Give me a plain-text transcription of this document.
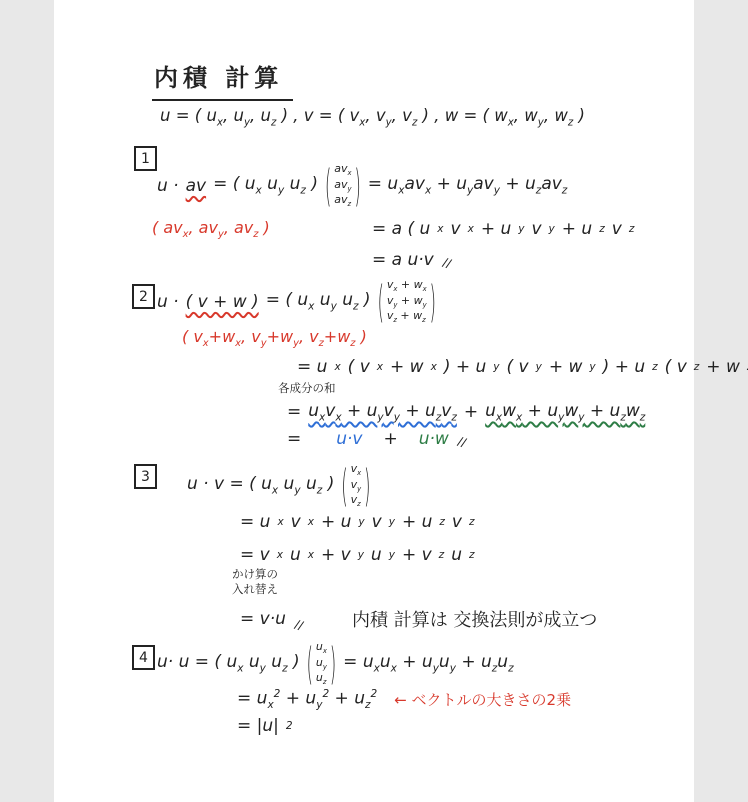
内積 計算
u = ( $u_x$, $u_y$, $u_z$ ) , v = ( $v_x$, $v_y$, $v_z$ ) , w = ( $w_x$, $w_y$, $w_z$ )
1
u · av = ( $u_x$ $u_y$ $u_z$ ) ( $av_x$
$av_y$
$av_z$ ) = $u_xav_x + u_yav_y + u_zav_z$
( $av_x$, $av_y$, $av_z$ )	= a ( u x v x + u y v y + u z v z
= a u·v //
2 u · ( v + w ) = ( $u_x$ $u_y$ $u_z$ ) ( $v_x + w_x$
$v_y + w_y$
$v_z + w_z$ )
( $v_x+w_x$, $v_y+w_y$, $v_z+w_z$ )
= u x ( v x + w x ) + u y ( v y + w y ) + u z ( v z + w
各成分の和
= $u_xv_x + u_yv_y + u_zv_z + u_xw_x + u_yw_y + u_zw_z$
= u·v + u·w //
3	u · v = ( $u_x$ $u_y$ $u_z$ ) ( $v_x$
$v_y$
$v_z$ )
= u x v x + u y v y + u z v z
= v x u x + v y u y + v z u z
かけ算の
入れ替え
= v·u //	内積 計算は 交換法則が成立つ
4 u· u = ( $u_x$ $u_y$ $u_z$ ) ( $u_x$
$u_y$
$u_z$ ) = $u_xu_x + u_yu_y + u_zu_z$
= $u_x^2 + u_y^2 + u_z^2$ ← ベクトルの大きさの2乗
= |u| 2
